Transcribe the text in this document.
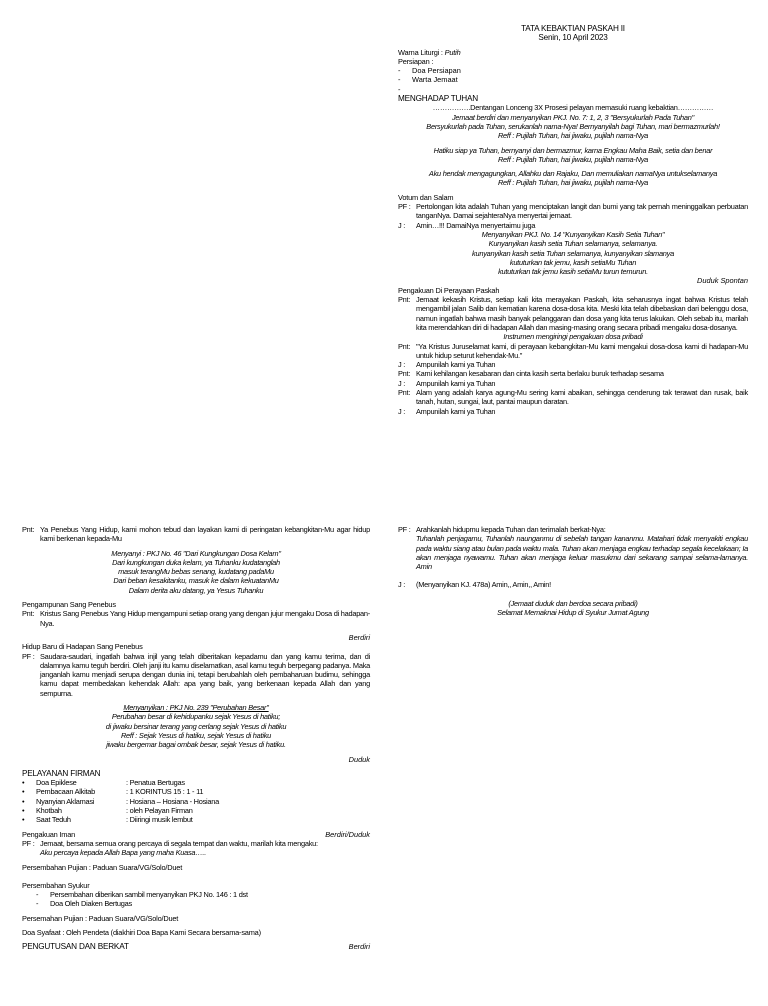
TATA KEBAKTIAN PASKAH II

Senin, 10 April 2023

Warna Liturgi : Putih

Persiapan :

-	Doa Persiapan
-	Warta Jemaat
-

MENGHADAP TUHAN

…………….Dentangan Lonceng 3X Prosesi pelayan memasuki ruang kebaktian……………

Jemaat berdiri dan menyanyikan PKJ. No. 7: 1, 2, 3 "Bersyukurlah Pada Tuhan"

Bersyukurlah pada Tuhan, serukanlah nama-Nya! Bernyanyilah bagi Tuhan, mari bermazmurlah!

Reff : Pujilah Tuhan, hai jiwaku, pujilah nama-Nya

Hatiku siap ya Tuhan, bernyanyi dan bermazmur, karna Engkau Maha Baik, setia dan benar

Reff : Pujilah Tuhan, hai jiwaku, pujilah nama-Nya

Aku hendak mengagungkan, Allahku dan Rajaku, Dan memuliakan namaNya untukselamanya

Reff : Pujilah Tuhan, hai jiwaku, pujilah nama-Nya

Votum dan Salam

PF : Pertolongan kita adalah Tuhan yang menciptakan langit dan bumi yang tak pernah meninggalkan perbuatan tanganNya. Damai sejahteraNya menyertai jemaat.
J :	Amin…!!! DamaiNya menyertaimu juga

Menyanyikan PKJ. No. 14 "Kunyanyikan Kasih Setia Tuhan"

Kunyanyikan kasih setia Tuhan selamanya, selamanya.

kunyanyikan kasih setia Tuhan selamanya, kunyanyikan slamanya

kututurkan tak jemu, kasih setiaMu Tuhan

kututurkan tak jemu kasih setiaMu turun temurun.

Duduk Spontan

Pengakuan Di Perayaan Paskah

Pnt: Jemaat kekasih Kristus, setiap kali kita merayakan Paskah, kita seharusnya ingat bahwa Kristus telah mengambil jalan Salib dan kematian karena dosa-dosa kita. Meski kita telah dibebaskan dari belenggu dosa, namun ingatlah bahwa masih banyak pelanggaran dan dosa yang kita terus lakukan. Oleh sebab itu, marilah kita merendahkan diri di hadapan Allah dan masing-masing orang secara pribadi mengaku dosa-dosanya.

Instrumen mengiringi pengakuan dosa pribadi

Pnt: "Ya Kristus Juruselamat kami, di perayaan kebangkitan-Mu kami mengakui dosa-dosa kami di hadapan-Mu untuk hidup seturut kehendak-Mu."
J :	Ampunilah kami ya Tuhan
Pnt: Kami kehilangan kesabaran dan cinta kasih serta berlaku buruk terhadap sesama
J :	Ampunilah kami ya Tuhan
Pnt: Alam yang adalah karya agung-Mu sering kami abaikan, sehingga cenderung tak terawat dan rusak, baik tanah, hutan, sungai, laut, pantai maupun daratan.
J :	Ampunilah kami ya Tuhan
Pnt: Ya Penebus Yang Hidup, kami mohon tebud dan layakan kami di peringatan kebangkitan-Mu agar hidup kami berkenan kepada-Mu

Menyanyi : PKJ No. 46 "Dari Kungkungan Dosa Kelam"

Dari kungkungan duka kelam, ya Tuhanku kudatanglah

masuk terangMu bebas senang, kudatang padaMu

Dari beban kesakitanku, masuk ke dalam kekuatanMu

Dalam derita aku datang, ya Yesus Tuhanku

Pengampunan Sang Penebus

Pnt: Kristus Sang Penebus Yang Hidup mengampuni setiap orang yang dengan jujur mengaku Dosa di hadapan-Nya.

Berdiri

Hidup Baru di Hadapan Sang Penebus

PF : Saudara-saudari, ingatlah bahwa injil yang telah diberitakan kepadamu dan yang kamu terima, dan di dalamnya kamu teguh berdiri. Oleh janji itu kamu diselamatkan, asal kamu teguh berpegang padanya. Maka janganlah kamu menjadi serupa dengan dunia ini, tetapi berubahlah oleh pembaharuan budimu, sehingga kamu dapat membedakan kehendak Allah: apa yang baik, yang berkenaan kepada Allah dan yang sempurna.

Menyanyikan : PKJ No. 239 "Perubahan Besar"

Perubahan besar di kehidupanku sejak Yesus di hatiku;

di jiwaku bersinar terang yang cerlang sejak Yesus di hatiku

Reff : Sejak Yesus di hatiku, sejak Yesus di hatiku

jiwaku bergemar bagai ombak besar, sejak Yesus di hatiku.

Duduk

PELAYANAN FIRMAN

•	Doa Epiklese	: Penatua Bertugas
•	Pembacaan Alkitab	: 1 KORINTUS 15 : 1 - 11
•	Nyanyian Aklamasi	: Hosiana – Hosiana - Hosiana
•	Khotbah	: oleh Pelayan Firman
•	Saat Teduh	: Diiringi musik lembut
Pengakuan Iman	Berdiri/Duduk
PF : Jemaat, bersama semua orang percaya di segala tempat dan waktu, marilah kita mengaku:

Aku percaya kepada Allah Bapa yang maha Kuasa…..

Persembahan Pujian : Paduan Suara/VG/Solo/Duet

Persembahan Syukur

-	Persembahan diberikan sambil menyanyikan PKJ No. 146 : 1 dst
-	Doa Oleh Diaken Bertugas

Persemahan Pujian : Paduan Suara/VG/Solo/Duet

Doa Syafaat : Oleh Pendeta (diakhiri Doa Bapa Kami Secara bersama-sama)

PENGUTUSAN DAN BERKAT	Berdiri
PF : Arahkanlah hidupmu kepada Tuhan dan terimalah berkat-Nya:

Tuhanlah penjagamu, Tuhanlah naunganmu di sebelah tangan kananmu. Matahari tidak menyakiti engkau pada waktu siang atau bulan pada waktu mala. Tuhan akan menjaga engkau terhadap segala kecelakaan; Ia akan menjaga nyawamu. Tuhan akan menjaga keluar masukmu dari sekarang sampai selama-lamanya. Amin

J :	(Menyanyikan KJ. 478a) Amin,, Amin,, Amin!

(Jemaat duduk dan berdoa secara pribadi)

Selamat Memaknai Hidup di Syukur Jumat Agung
